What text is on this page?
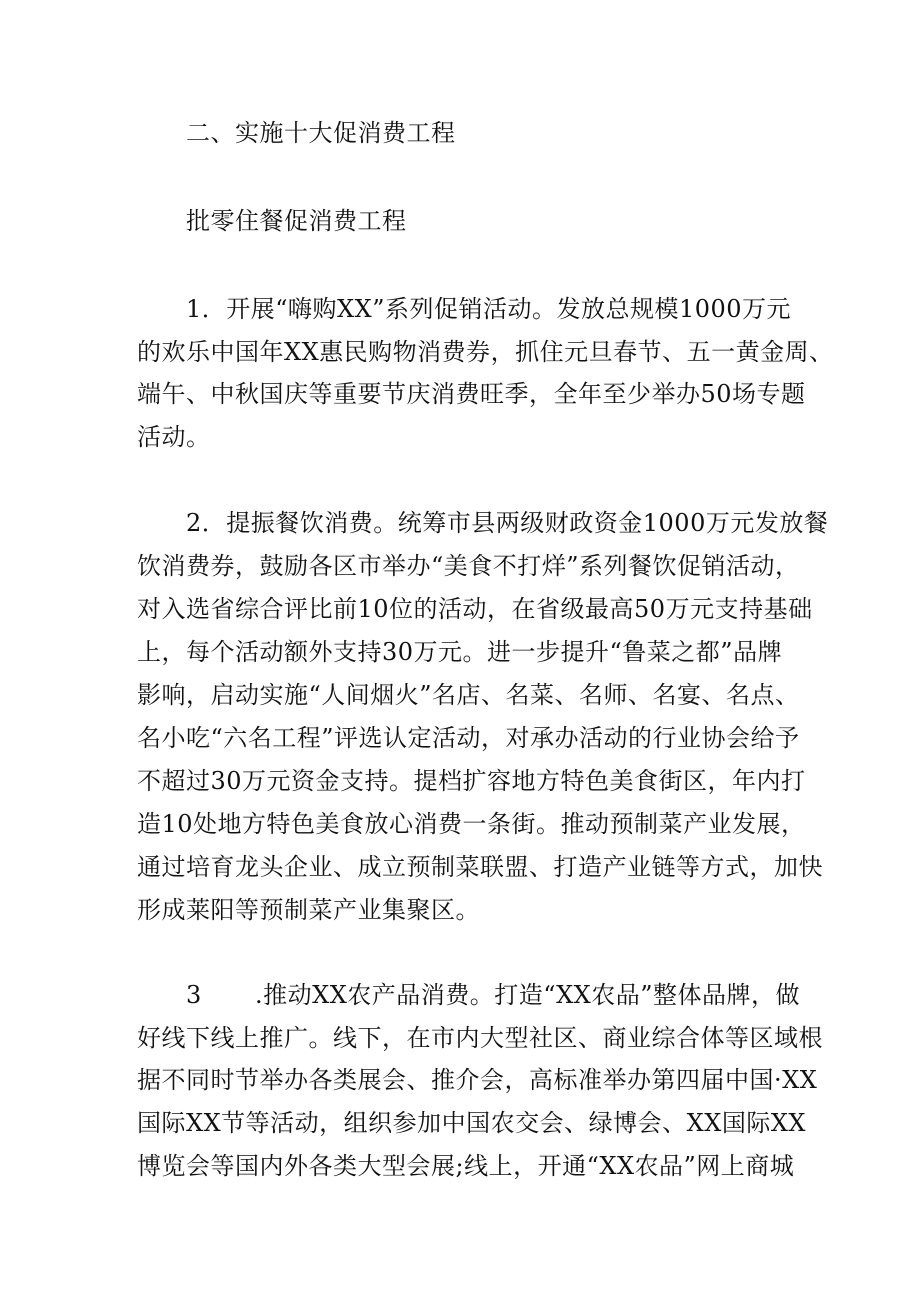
二、实施十大促消费工程
批零住餐促消费工程
1．开展“嗨购XX”系列促销活动。发放总规模1000万元
的欢乐中国年XX惠民购物消费券，抓住元旦春节、五一黄金周、
端午、中秋国庆等重要节庆消费旺季，全年至少举办50场专题
活动。
2．提振餐饮消费。统筹市县两级财政资金1000万元发放餐
饮消费券，鼓励各区市举办“美食不打烊”系列餐饮促销活动，
对入选省综合评比前10位的活动，在省级最高50万元支持基础
上，每个活动额外支持30万元。进一步提升“鲁菜之都”品牌
影响，启动实施“人间烟火”名店、名菜、名师、名宴、名点、
名小吃“六名工程”评选认定活动，对承办活动的行业协会给予
不超过30万元资金支持。提档扩容地方特色美食街区，年内打
造10处地方特色美食放心消费一条街。推动预制菜产业发展，
通过培育龙头企业、成立预制菜联盟、打造产业链等方式，加快
形成莱阳等预制菜产业集聚区。
3	.推动XX农产品消费。打造“XX农品”整体品牌，做
好线下线上推广。线下，在市内大型社区、商业综合体等区域根
据不同时节举办各类展会、推介会，高标准举办第四届中国·XX
国际XX节等活动，组织参加中国农交会、绿博会、XX国际XX
博览会等国内外各类大型会展;线上，开通“XX农品”网上商城
